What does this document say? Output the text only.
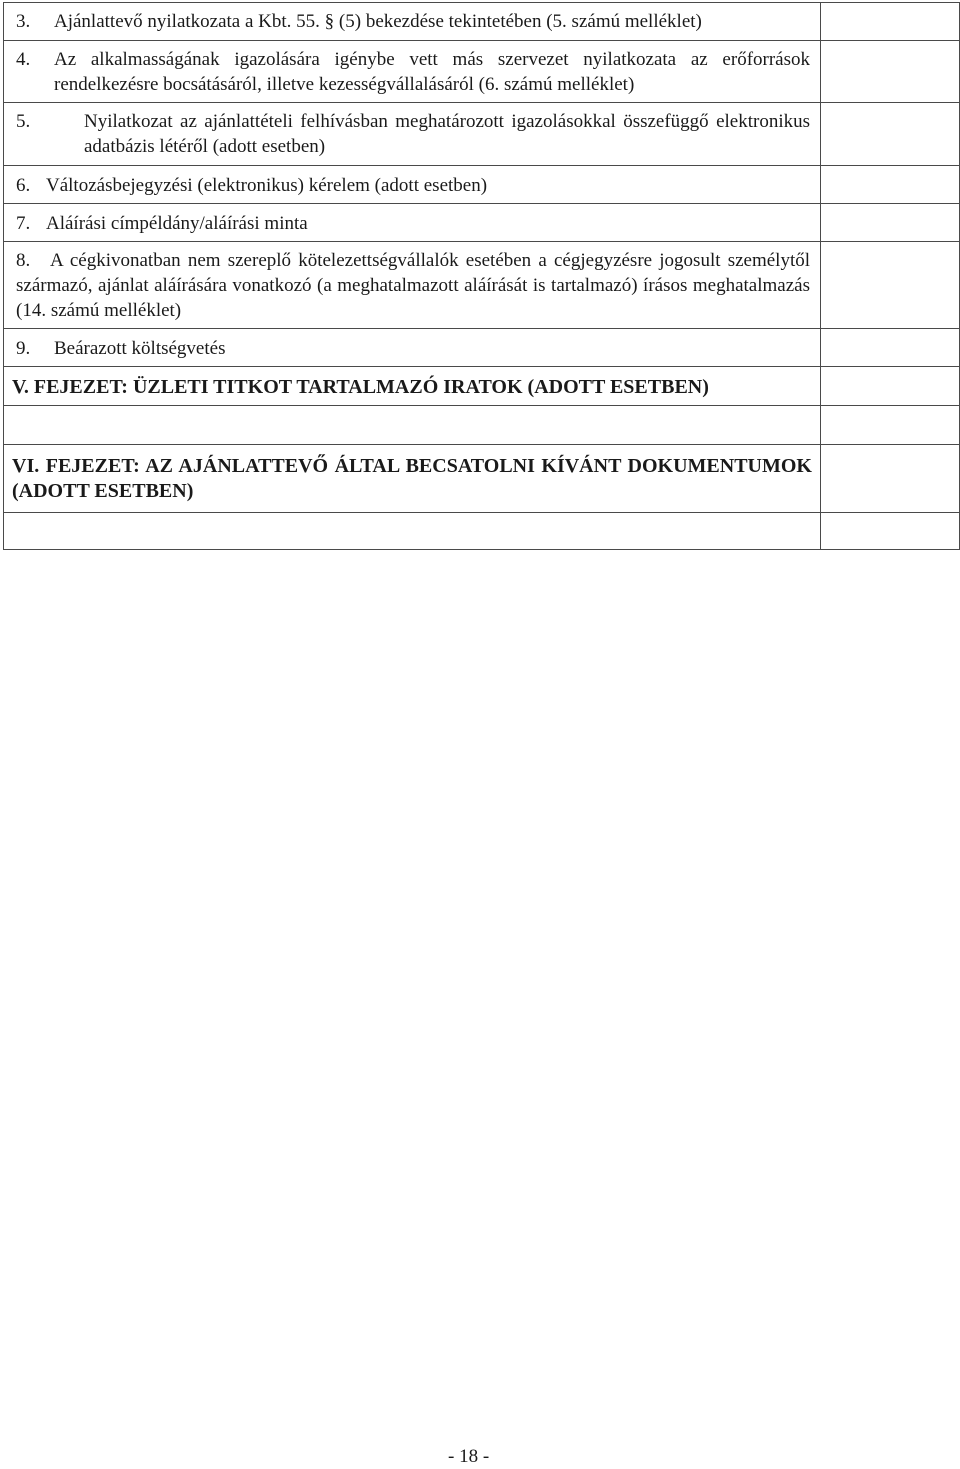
3. Ajánlattevő nyilatkozata a Kbt. 55. § (5) bekezdése tekintetében (5. számú melléklet)	

4. Az alkalmasságának igazolására igénybe vett más szervezet nyilatkozata az erőforrások rendelkezésre bocsátásáról, illetve kezességvállalásáról (6. számú melléklet)	

5. Nyilatkozat az ajánlattételi felhívásban meghatározott igazolásokkal összefüggő elektronikus adatbázis létéről (adott esetben)	

6. Változásbejegyzési (elektronikus) kérelem (adott esetben)	

7. Aláírási címpéldány/aláírási minta	

8. A cégkivonatban nem szereplő kötelezettségvállalók esetében a cégjegyzésre jogosult személytől származó, ajánlat aláírására vonatkozó (a meghatalmazott aláírását is tartalmazó) írásos meghatalmazás (14. számú melléklet)	

9. Beárazott költségvetés	

V. FEJEZET: ÜZLETI TITKOT TARTALMAZÓ IRATOK (ADOTT ESETBEN)	

VI. FEJEZET: AZ AJÁNLATTEVŐ ÁLTAL BECSATOLNI KÍVÁNT DOKUMENTUMOK (ADOTT ESETBEN)	

- 18 -
